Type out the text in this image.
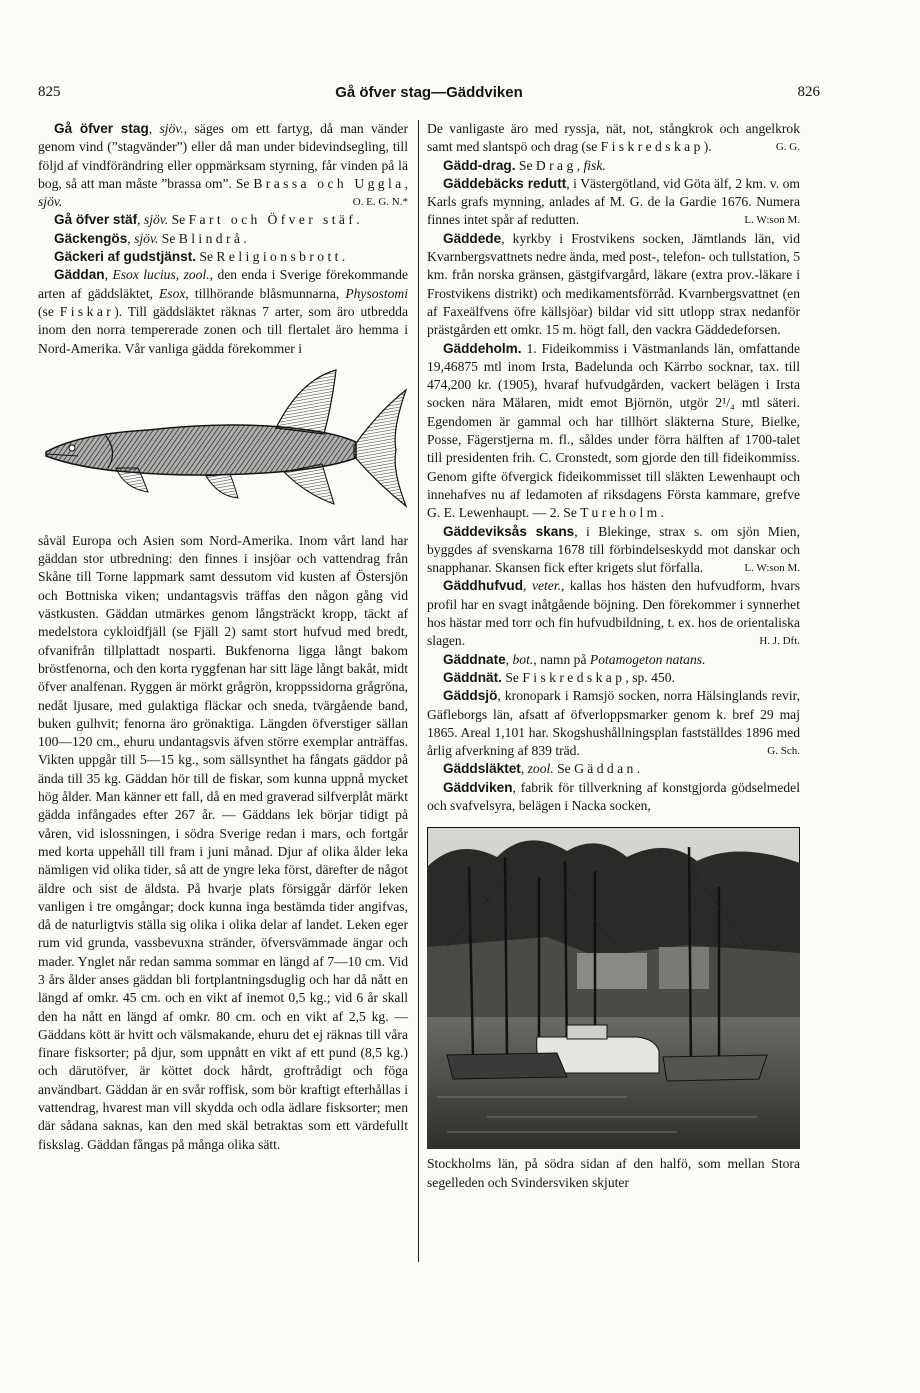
825	Gå öfver stag—Gäddviken	826

Gå öfver stag, sjöv., säges om ett fartyg, då man vänder genom vind (”stagvänder”) eller då man under bidevindsegling, till följd af vindförändring eller oppmärksam styrning, får vinden på lä bog, så att man måste ”brassa om”. Se Brassa och Uggla, sjöv.	O. E. G. N.*

Gå öfver stäf, sjöv. Se Fart och Öfver stäf.

Gäckengös, sjöv. Se Blindrå.

Gäckeri af gudstjänst. Se Religionsbrott.

Gäddan, Esox lucius, zool., den enda i Sverige förekommande arten af gäddsläktet, Esox, tillhörande blåsmunnarna, Physostomi (se Fiskar). Till gäddsläktet räknas 7 arter, som äro utbredda inom den norra tempererade zonen och till flertalet äro hemma i Nord-Amerika. Vår vanliga gädda förekommer i

såväl Europa och Asien som Nord-Amerika. Inom vårt land har gäddan stor utbredning: den finnes i insjöar och vattendrag från Skåne till Torne lappmark samt dessutom vid kusten af Östersjön och Bottniska viken; undantagsvis träffas den någon gång vid västkusten. Gäddan utmärkes genom långsträckt kropp, täckt af medelstora cykloidfjäll (se Fjäll 2) samt stort hufvud med bredt, ofvanifrån tillplattadt nosparti. Bukfenorna ligga långt bakom bröstfenorna, och den korta ryggfenan har sitt läge långt bakåt, midt öfver analfenan. Ryggen är mörkt grågrön, kroppssidorna grågröna, nedåt ljusare, med gulaktiga fläckar och sneda, tvärgående band, buken gulhvit; fenorna äro grönaktiga. Längden öfverstiger sällan 100—120 cm., ehuru undantagsvis äfven större exemplar anträffas. Vikten uppgår till 5—15 kg., som sällsynthet ha fångats gäddor på ända till 35 kg. Gäddan hör till de fiskar, som kunna uppnå mycket hög ålder. Man känner ett fall, då en med graverad silfverplåt märkt gädda infångades efter 267 år. — Gäddans lek börjar tidigt på våren, vid islossningen, i södra Sverige redan i mars, och fortgår med korta uppehåll till fram i juni månad. Djur af olika ålder leka nämligen vid olika tider, så att de yngre leka först, därefter de något äldre och sist de äldsta. På hvarje plats försiggår därför leken vanligen i tre omgångar; dock kunna inga bestämda tider angifvas, då de naturligtvis ställa sig olika i olika delar af landet. Leken eger rum vid grunda, vassbevuxna stränder, öfversvämmade ängar och mader. Ynglet når redan samma sommar en längd af 7—10 cm. Vid 3 års ålder anses gäddan bli fortplantningsduglig och har då nått en längd af omkr. 45 cm. och en vikt af inemot 0,5 kg.; vid 6 år skall den ha nått en längd af omkr. 80 cm. och en vikt af 2,5 kg. — Gäddans kött är hvitt och välsmakande, ehuru det ej räknas till våra finare fisksorter; på djur, som uppnått en vikt af ett pund (8,5 kg.) och därutöfver, är köttet dock hårdt, groftrådigt och föga användbart. Gäddan är en svår roffisk, som bör kraftigt efterhållas i vattendrag, hvarest man vill skydda och odla ädlare fisksorter; men där sådana saknas, kan den med skäl betraktas som ett värdefullt fiskslag. Gäddan fångas på många olika sätt.

De vanligaste äro med ryssja, nät, not, stångkrok och angelkrok samt med slantspö och drag (se Fiskredskap).	G. G.

Gädd-drag. Se Drag, fisk.

Gäddebäcks redutt, i Västergötland, vid Göta älf, 2 km. v. om Karls grafs mynning, anlades af M. G. de la Gardie 1676. Numera finnes intet spår af redutten.	L. W:son M.

Gäddede, kyrkby i Frostvikens socken, Jämtlands län, vid Kvarnbergsvattnets nedre ända, med post-, telefon- och tullstation, 5 km. från norska gränsen, gästgifvargård, läkare (extra prov.-läkare i Frostvikens distrikt) och medikamentsförråd. Kvarnbergsvattnet (en af Faxeälfvens öfre källsjöar) bildar vid sitt utlopp strax nedanför prästgården ett omkr. 15 m. högt fall, den vackra Gäddedeforsen.

Gäddeholm. 1. Fideikommiss i Västmanlands län, omfattande 19,46875 mtl inom Irsta, Badelunda och Kärrbo socknar, tax. till 474,200 kr. (1905), hvaraf hufvudgården, vackert belägen i Irsta socken nära Mälaren, midt emot Björnön, utgör 2¹/₄ mtl säteri. Egendomen är gammal och har tillhört släkterna Sture, Bielke, Posse, Fägerstjerna m. fl., såldes under förra hälften af 1700-talet till presidenten frih. C. Cronstedt, som gjorde den till fideikommiss. Genom gifte öfvergick fideikommisset till släkten Lewenhaupt och innehafves nu af ledamoten af riksdagens Första kammare, grefve G. E. Lewenhaupt. — 2. Se Tureholm.

Gäddeviksås skans, i Blekinge, strax s. om sjön Mien, byggdes af svenskarna 1678 till förbindelseskydd mot danskar och snapphanar. Skansen fick efter krigets slut förfalla.	L. W:son M.

Gäddhufvud, veter., kallas hos hästen den hufvudform, hvars profil har en svagt inåtgående böjning. Den förekommer i synnerhet hos hästar med torr och fin hufvudbildning, t. ex. hos de orientaliska slagen.	H. J. Dft.

Gäddnate, bot., namn på Potamogeton natans.

Gäddnät. Se Fiskredskap, sp. 450.

Gäddsjö, kronopark i Ramsjö socken, norra Hälsinglands revir, Gäfleborgs län, afsatt af öfverloppsmarker genom k. bref 29 maj 1865. Areal 1,101 har. Skogshushållningsplan fastställdes 1896 med årlig afverkning af 839 träd.	G. Sch.

Gäddsläktet, zool. Se Gäddan.

Gäddviken, fabrik för tillverkning af konstgjorda gödselmedel och svafvelsyra, belägen i Nacka socken,

Stockholms län, på södra sidan af den halfö, som mellan Stora segelleden och Svindersviken skjuter
